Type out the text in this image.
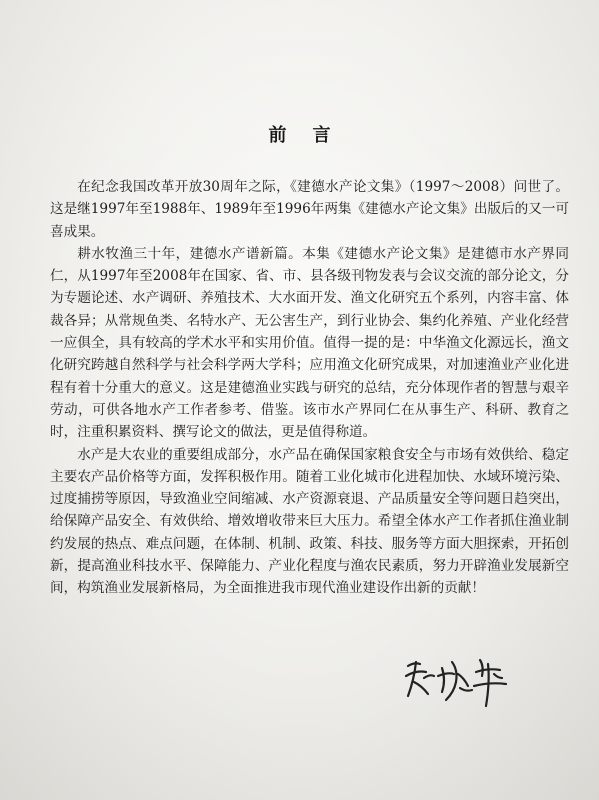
· ·
前言

在纪念我国改革开放30周年之际，《建德水产论文集》（1997～2008）问世了。这是继1997年至1988年、1989年至1996年两集《建德水产论文集》出版后的又一可喜成果。

耕水牧渔三十年，建德水产谱新篇。本集《建德水产论文集》是建德市水产界同仁，从1997年至2008年在国家、省、市、县各级刊物发表与会议交流的部分论文，分为专题论述、水产调研、养殖技术、大水面开发、渔文化研究五个系列，内容丰富、体裁各异；从常规鱼类、名特水产、无公害生产，到行业协会、集约化养殖、产业化经营一应俱全，具有较高的学术水平和实用价值。值得一提的是：中华渔文化源远长，渔文化研究跨越自然科学与社会科学两大学科；应用渔文化研究成果，对加速渔业产业化进程有着十分重大的意义。这是建德渔业实践与研究的总结，充分体现作者的智慧与艰辛劳动，可供各地水产工作者参考、借鉴。该市水产界同仁在从事生产、科研、教育之时，注重积累资料、撰写论文的做法，更是值得称道。

水产是大农业的重要组成部分，水产品在确保国家粮食安全与市场有效供给、稳定主要农产品价格等方面，发挥积极作用。随着工业化城市化进程加快、水域环境污染、过度捕捞等原因，导致渔业空间缩减、水产资源衰退、产品质量安全等问题日趋突出，给保障产品安全、有效供给、增效增收带来巨大压力。希望全体水产工作者抓住渔业制约发展的热点、难点问题，在体制、机制、政策、科技、服务等方面大胆探索，开拓创新，提高渔业科技水平、保障能力、产业化程度与渔农民素质，努力开辟渔业发展新空间，构筑渔业发展新格局，为全面推进我市现代渔业建设作出新的贡献！
